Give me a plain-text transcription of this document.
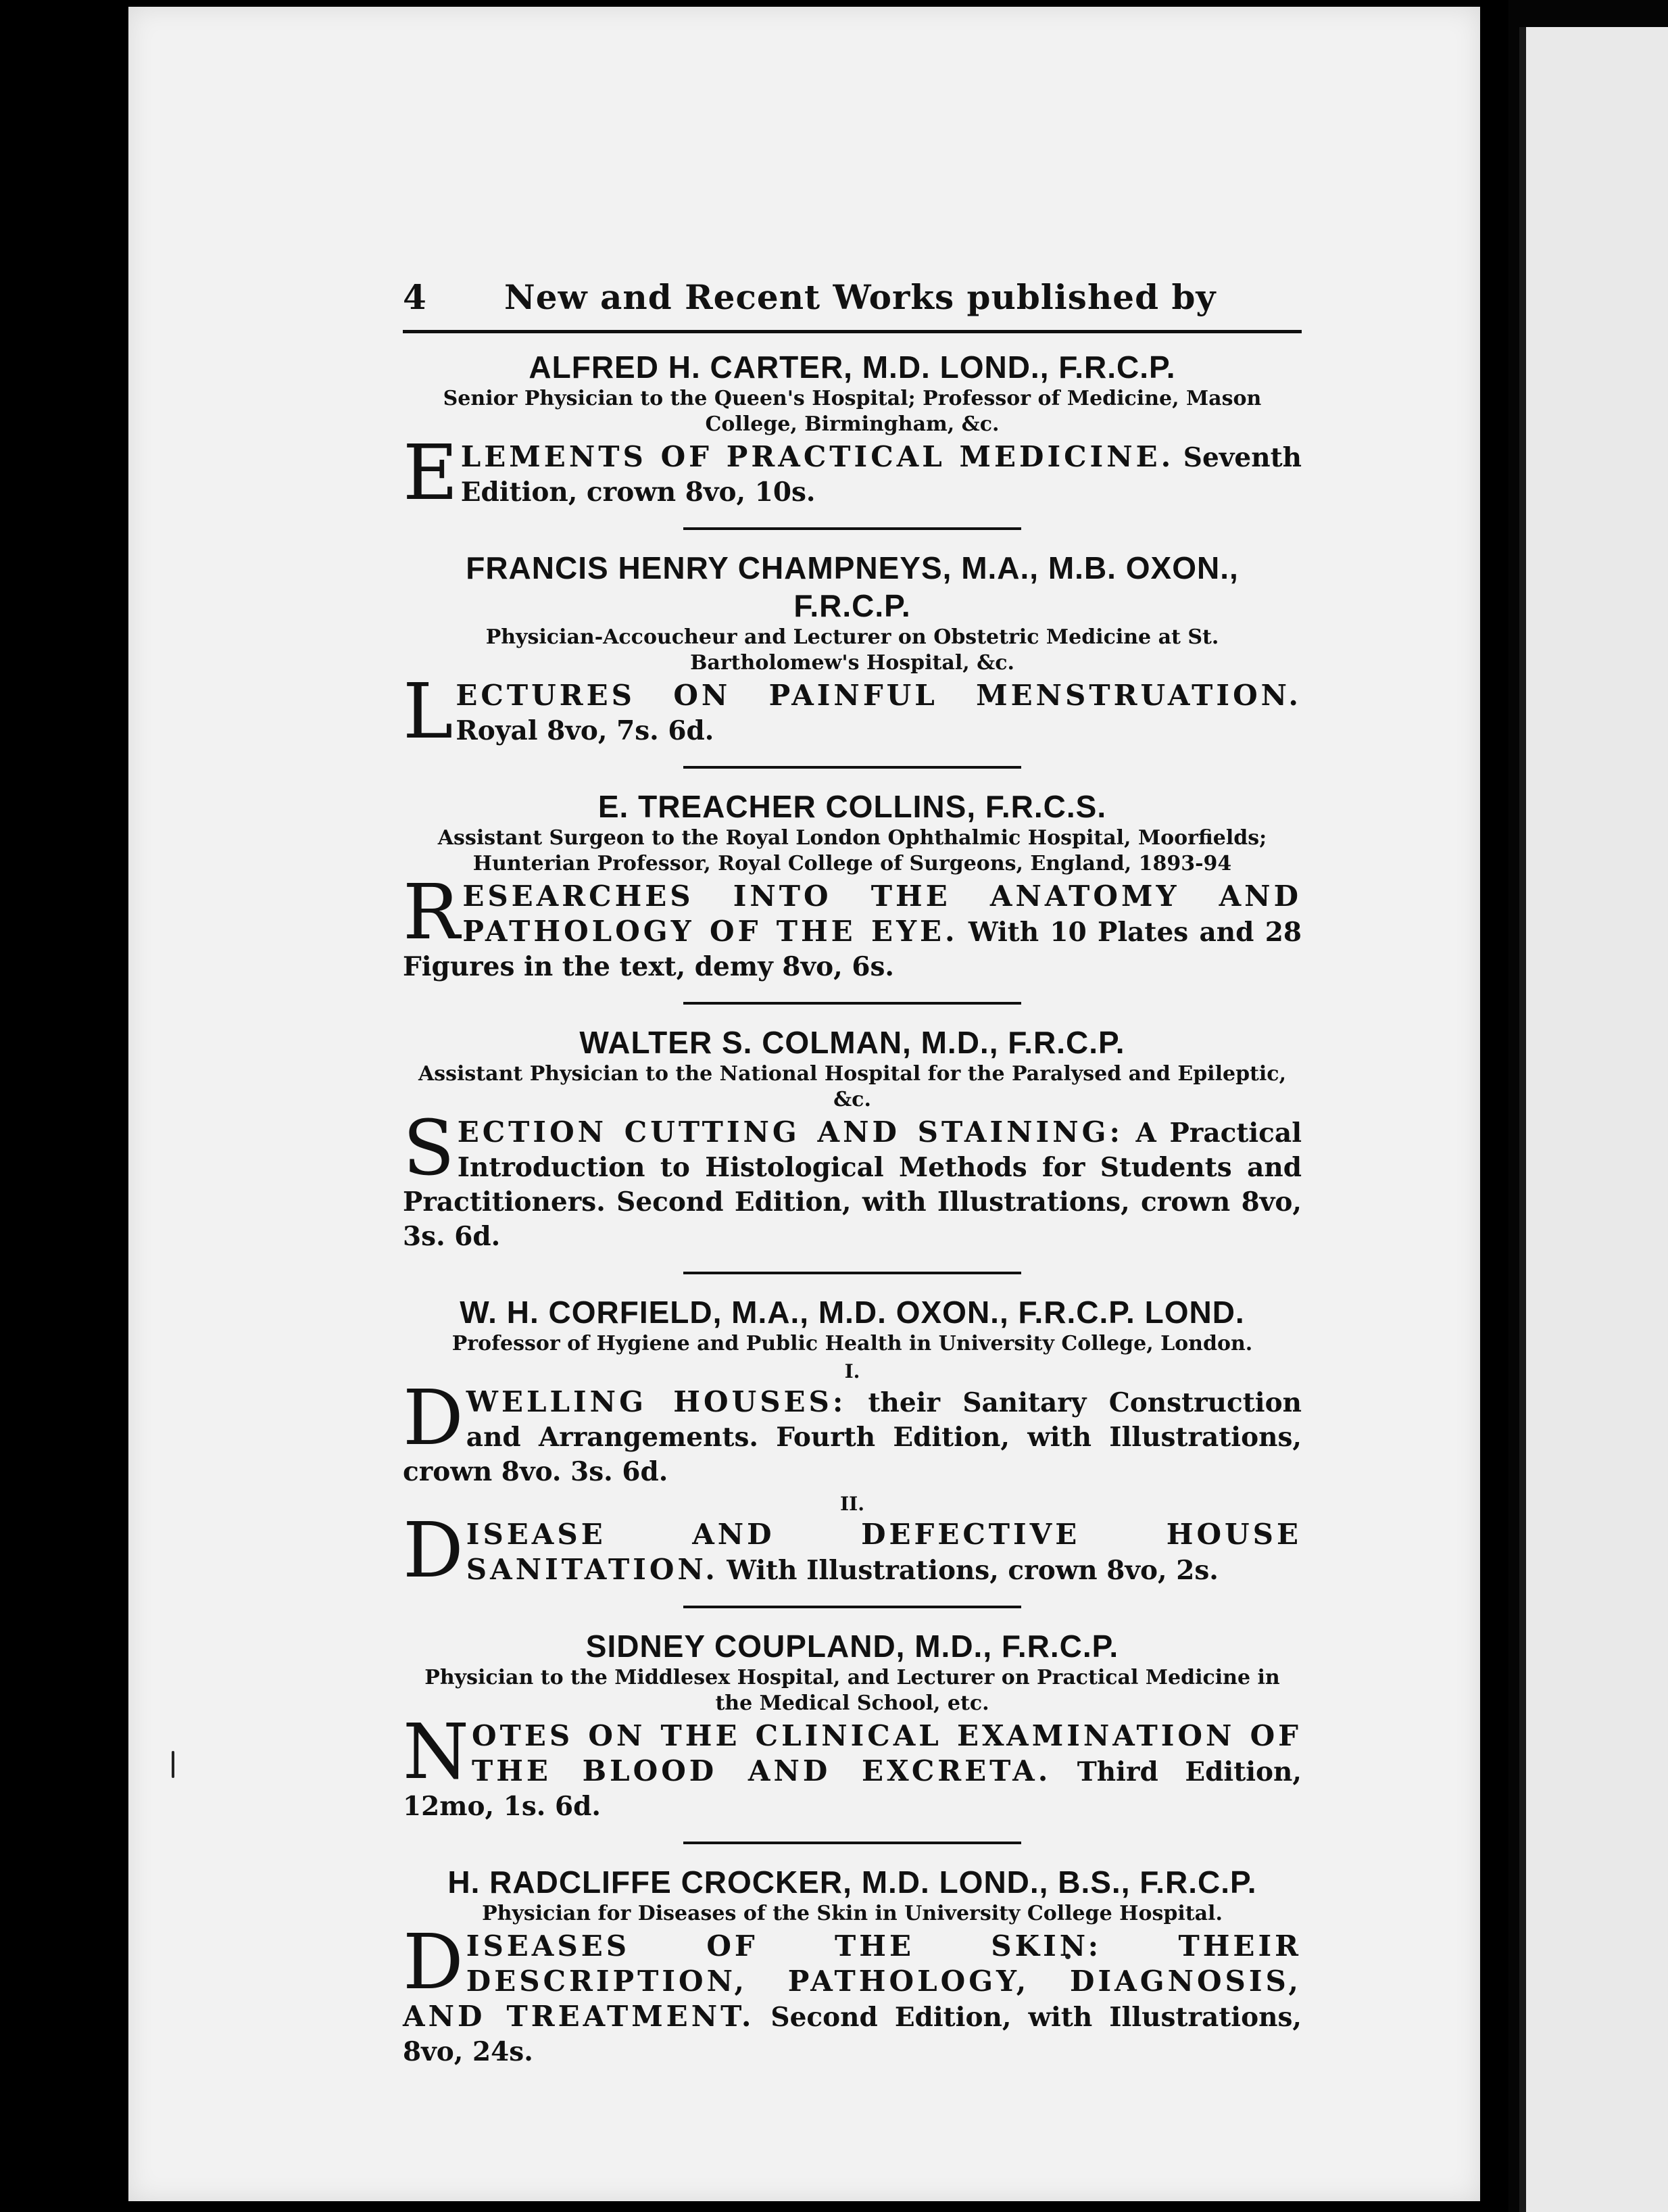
4	New and Recent Works published by
ALFRED H. CARTER, M.D. LOND., F.R.C.P.
Senior Physician to the Queen's Hospital; Professor of Medicine, Mason College, Birmingham, &c.
ELEMENTS OF PRACTICAL MEDICINE. Seventh Edition, crown 8vo, 10s.
FRANCIS HENRY CHAMPNEYS, M.A., M.B. OXON., F.R.C.P.
Physician-Accoucheur and Lecturer on Obstetric Medicine at St. Bartholomew's Hospital, &c.
LECTURES ON PAINFUL MENSTRUATION. Royal 8vo, 7s. 6d.
E. TREACHER COLLINS, F.R.C.S.
Assistant Surgeon to the Royal London Ophthalmic Hospital, Moorfields; Hunterian Professor, Royal College of Surgeons, England, 1893-94
RESEARCHES INTO THE ANATOMY AND PATHOLOGY OF THE EYE. With 10 Plates and 28 Figures in the text, demy 8vo, 6s.
WALTER S. COLMAN, M.D., F.R.C.P.
Assistant Physician to the National Hospital for the Paralysed and Epileptic, &c.
SECTION CUTTING AND STAINING: A Practical Introduction to Histological Methods for Students and Practitioners. Second Edition, with Illustrations, crown 8vo, 3s. 6d.
W. H. CORFIELD, M.A., M.D. OXON., F.R.C.P. LOND.
Professor of Hygiene and Public Health in University College, London.
I.
DWELLING HOUSES: their Sanitary Construction and Arrangements. Fourth Edition, with Illustrations, crown 8vo. 3s. 6d.
II.
DISEASE AND DEFECTIVE HOUSE SANITATION. With Illustrations, crown 8vo, 2s.
SIDNEY COUPLAND, M.D., F.R.C.P.
Physician to the Middlesex Hospital, and Lecturer on Practical Medicine in the Medical School, etc.
NOTES ON THE CLINICAL EXAMINATION OF THE BLOOD AND EXCRETA. Third Edition, 12mo, 1s. 6d.
H. RADCLIFFE CROCKER, M.D. LOND., B.S., F.R.C.P.
Physician for Diseases of the Skin in University College Hospital.
DISEASES OF THE SKIN: THEIR DESCRIPTION, PATHOLOGY, DIAGNOSIS, AND TREATMENT. Second Edition, with Illustrations, 8vo, 24s.
